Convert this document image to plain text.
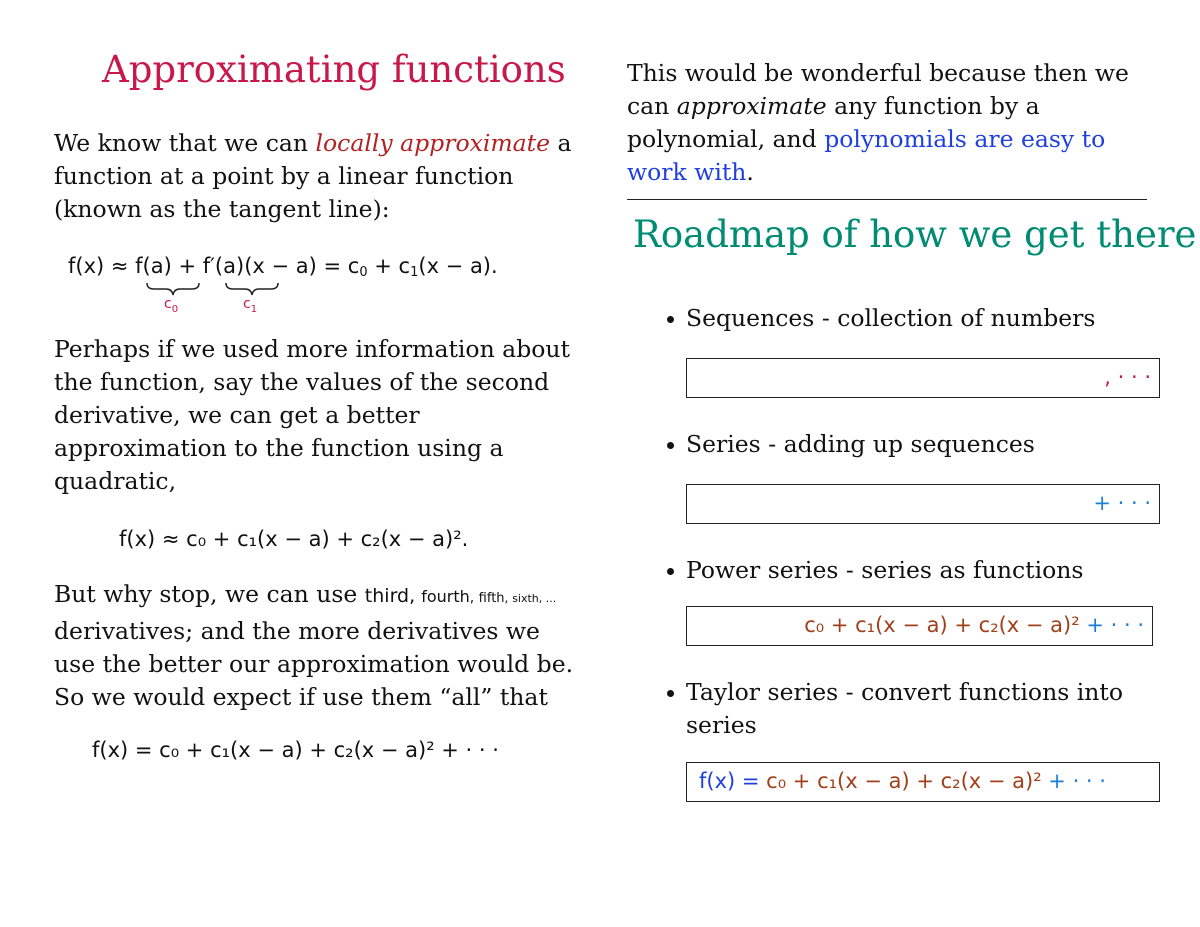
Approximating functions
We know that we can locally approximate a function at a point by a linear function (known as the tangent line):
$f(x) \approx f(a) + f'(a)(x - a) = c_0 + c_1(x - a)$.
$c_0$	$c_1$
Perhaps if we used more information about the function, say the values of the second derivative, we can get a better approximation to the function using a quadratic,
f(x) ≈ c₀ + c₁(x − a) + c₂(x − a)².
But why stop, we can use third, fourth, fifth, sixth, ... derivatives; and the more derivatives we use the better our approximation would be. So we would expect if use them “all” that
f(x) = c₀ + c₁(x − a) + c₂(x − a)² + · · ·
This would be wonderful because then we can approximate any function by a polynomial, and polynomials are easy to work with.
Roadmap of how we get there
Sequences - collection of numbers
, · · ·
Series - adding up sequences
+ · · ·
Power series - series as functions
c₀ + c₁(x − a) + c₂(x − a)² + · · ·
Taylor series - convert functions into
series
f(x) = c₀ + c₁(x − a) + c₂(x − a)² + · · ·
